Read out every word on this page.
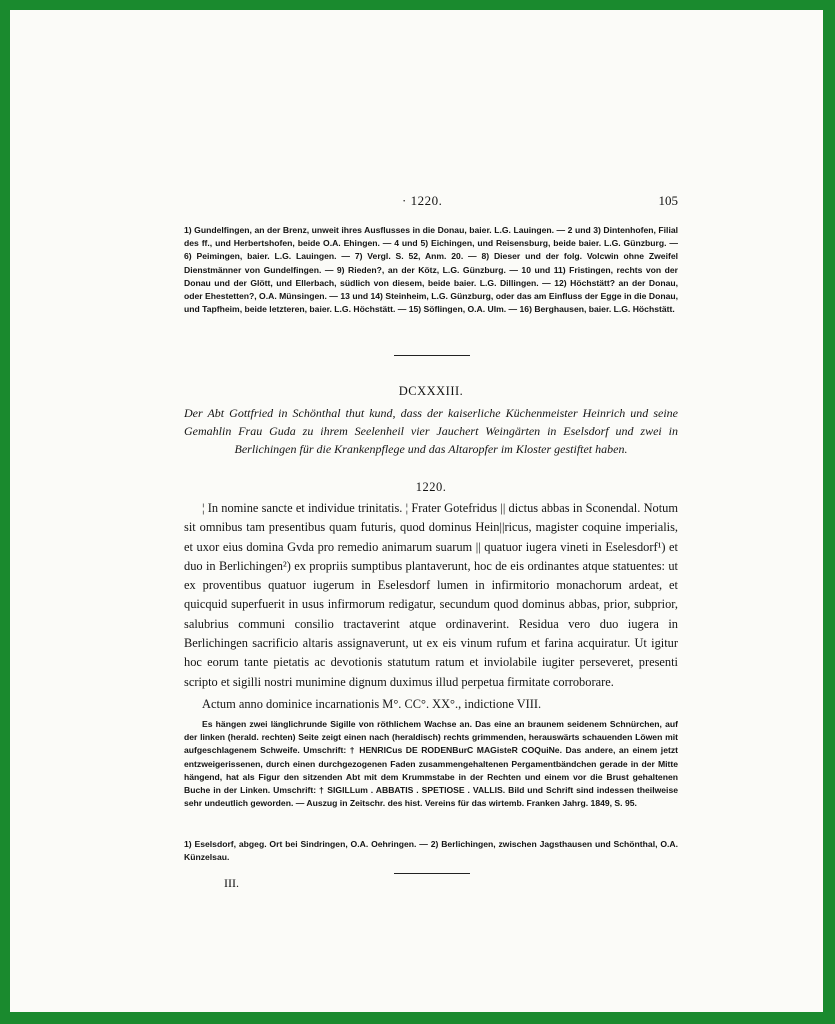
· 1220.	105
1) Gundelfingen, an der Brenz, unweit ihres Ausflusses in die Donau, baier. L.G. Lauingen. — 2 und 3) Dintenhofen, Filial des ff., und Herbertshofen, beide O.A. Ehingen. — 4 und 5) Eichingen, und Reisensburg, beide baier. L.G. Günzburg. — 6) Peimingen, baier. L.G. Lauingen. — 7) Vergl. S. 52, Anm. 20. — 8) Dieser und der folg. Volcwin ohne Zweifel Dienstmänner von Gundelfingen. — 9) Rieden?, an der Kötz, L.G. Günzburg. — 10 und 11) Fristingen, rechts von der Donau und der Glött, und Ellerbach, südlich von diesem, beide baier. L.G. Dillingen. — 12) Höchstätt? an der Donau, oder Ehestetten?, O.A. Münsingen. — 13 und 14) Steinheim, L.G. Günzburg, oder das am Einfluss der Egge in die Donau, und Tapfheim, beide letzteren, baier. L.G. Höchstätt. — 15) Söflingen, O.A. Ulm. — 16) Berghausen, baier. L.G. Höchstätt.
DCXXXIII.
Der Abt Gottfried in Schönthal thut kund, dass der kaiserliche Küchenmeister Heinrich und seine Gemahlin Frau Guda zu ihrem Seelenheil vier Jauchert Weingärten in Eselsdorf und zwei in Berlichingen für die Krankenpflege und das Altaropfer im Kloster gestiftet haben.
1220.

¦ In nomine sancte et individue trinitatis. ¦ Frater Gotefridus || dictus abbas in Sconendal. Notum sit omnibus tam presentibus quam futuris, quod dominus Hein||ricus, magister coquine imperialis, et uxor eius domina Gvda pro remedio animarum suarum || quatuor iugera vineti in Eselesdorf¹) et duo in Berlichingen²) ex propriis sumptibus plantaverunt, hoc de eis ordinantes atque statuentes: ut ex proventibus quatuor iugerum in Eselesdorf lumen in infirmitorio monachorum ardeat, et quicquid superfuerit in usus infirmorum redigatur, secundum quod dominus abbas, prior, subprior, salubrius communi consilio tractaverint atque ordinaverint. Residua vero duo iugera in Berlichingen sacrificio altaris assignaverunt, ut ex eis vinum rufum et farina acquiratur. Ut igitur hoc eorum tante pietatis ac devotionis statutum ratum et inviolabile iugiter perseveret, presenti scripto et sigilli nostri munimine dignum duximus illud perpetua firmitate corroborare.

Actum anno dominice incarnationis M°. CC°. XX°., indictione VIII.
Es hängen zwei länglichrunde Sigille von röthlichem Wachse an. Das eine an braunem seidenem Schnürchen, auf der linken (herald. rechten) Seite zeigt einen nach (heraldisch) rechts grimmenden, herauswärts schauenden Löwen mit aufgeschlagenem Schweife. Umschrift: † HENRICus DE RODENBurC MAGisteR COQuiNe. Das andere, an einem jetzt entzweigerissenen, durch einen durchgezogenen Faden zusammengehaltenen Pergamentbändchen gerade in der Mitte hängend, hat als Figur den sitzenden Abt mit dem Krummstabe in der Rechten und einem vor die Brust gehaltenen Buche in der Linken. Umschrift: † SIGILLum . ABBATIS . SPETIOSE . VALLIS. Bild und Schrift sind indessen theilweise sehr undeutlich geworden. — Auszug in Zeitschr. des hist. Vereins für das wirtemb. Franken Jahrg. 1849, S. 95.
1) Eselsdorf, abgeg. Ort bei Sindringen, O.A. Oehringen. — 2) Berlichingen, zwischen Jagsthausen und Schönthal, O.A. Künzelsau.
III.
